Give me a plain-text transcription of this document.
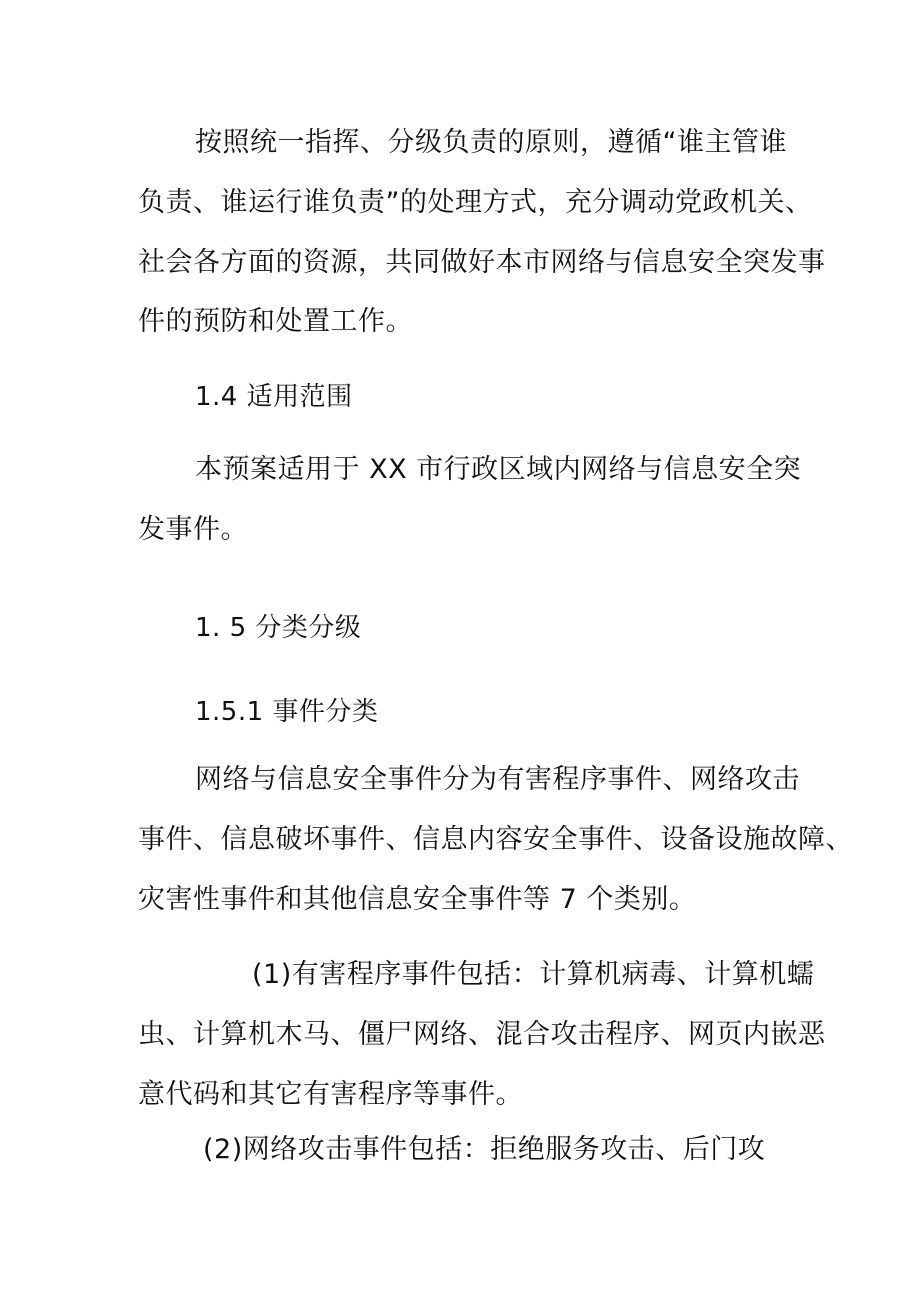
按照统一指挥、分级负责的原则，遵循“谁主管谁
负责、谁运行谁负责”的处理方式，充分调动党政机关、
社会各方面的资源，共同做好本市网络与信息安全突发事
件的预防和处置工作。
1.4 适用范围
本预案适用于 XX 市行政区域内网络与信息安全突
发事件。
1. 5 分类分级
1.5.1 事件分类
网络与信息安全事件分为有害程序事件、网络攻击
事件、信息破坏事件、信息内容安全事件、设备设施故障、
灾害性事件和其他信息安全事件等 7 个类别。
(1)有害程序事件包括：计算机病毒、计算机蠕
虫、计算机木马、僵尸网络、混合攻击程序、网页内嵌恶
意代码和其它有害程序等事件。
(2)网络攻击事件包括：拒绝服务攻击、后门攻
